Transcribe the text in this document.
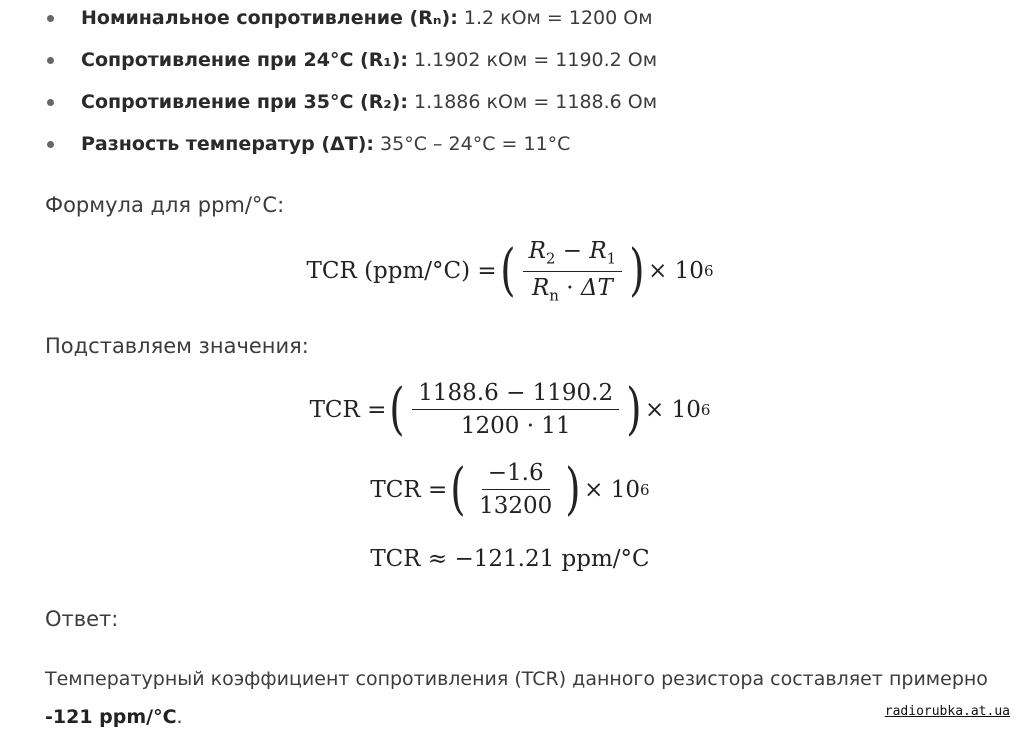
Номинальное сопротивление (Rₙ): 1.2 кОм = 1200 Ом
Сопротивление при 24°C (R₁): 1.1902 кОм = 1190.2 Ом
Сопротивление при 35°C (R₂): 1.1886 кОм = 1188.6 Ом
Разность температур (ΔT): 35°C – 24°C = 11°C
Формула для ppm/°C:
TCR (ppm/°C) = ( $\frac{R_2 - R_1}{R_n \cdot \Delta T}$ ) × 10 6
Подставляем значения:
TCR = ( $\frac{1188.6 - 1190.2}{1200 \cdot 11}$ ) × 10 6
TCR = ( $\frac{-1.6}{13200}$ ) × 10 6
TCR ≈ −121.21 ppm/°C
Ответ:
Температурный коэффициент сопротивления (TCR) данного резистора составляет примерно -121 ppm/°C.	radiorubka.at.ua
